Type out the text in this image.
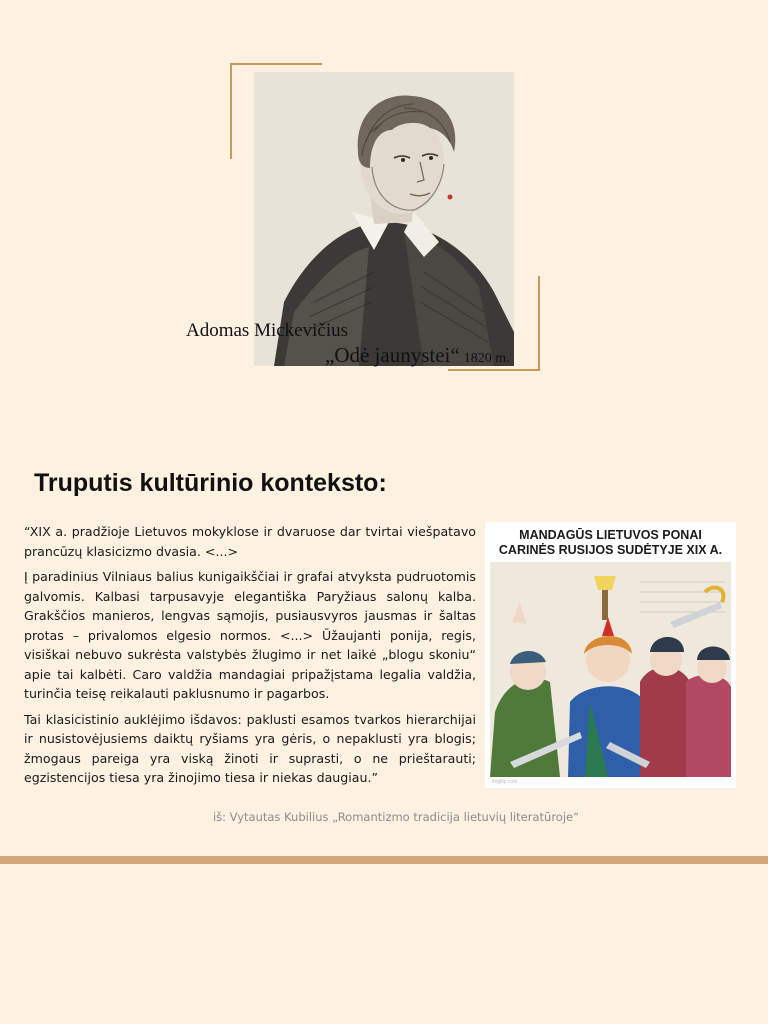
Adomas Mickevičius
„Odė jaunystei“ 1820 m.
Truputis kultūrinio konteksto:

“XIX a. pradžioje Lietuvos mokyklose ir dvaruose dar tvirtai viešpatavo prancūzų klasicizmo dvasia. <...>

Į paradinius Vilniaus balius kunigaikščiai ir grafai atvyksta pudruotomis galvomis. Kalbasi tarpusavyje elegantiška Paryžiaus salonų kalba. Grakščios manieros, lengvas sąmojis, pusiausvyros jausmas ir šaltas protas – privalomos elgesio normos. <...> Ūžaujanti ponija, regis, visiškai nebuvo sukrėsta valstybės žlugimo ir net laikė „blogu skoniu“ apie tai kalbėti. Caro valdžia mandagiai pripažįstama legalia valdžia, turinčia teisę reikalauti paklusnumo ir pagarbos.

Tai klasicistinio auklėjimo išdavos: paklusti esamos tvarkos hierarchijai ir nusistovėjusiems daiktų ryšiams yra gėris, o nepaklusti yra blogis; žmogaus pareiga yra viską žinoti ir suprasti, o ne prieštarauti; egzistencijos tiesa yra žinojimo tiesa ir niekas daugiau.”

iš: Vytautas Kubilius „Romantizmo tradicija lietuvių literatūroje“
MANDAGŪS LIETUVOS PONAI
CARINĖS RUSIJOS SUDĖTYJE XIX A.
imgflip.com
